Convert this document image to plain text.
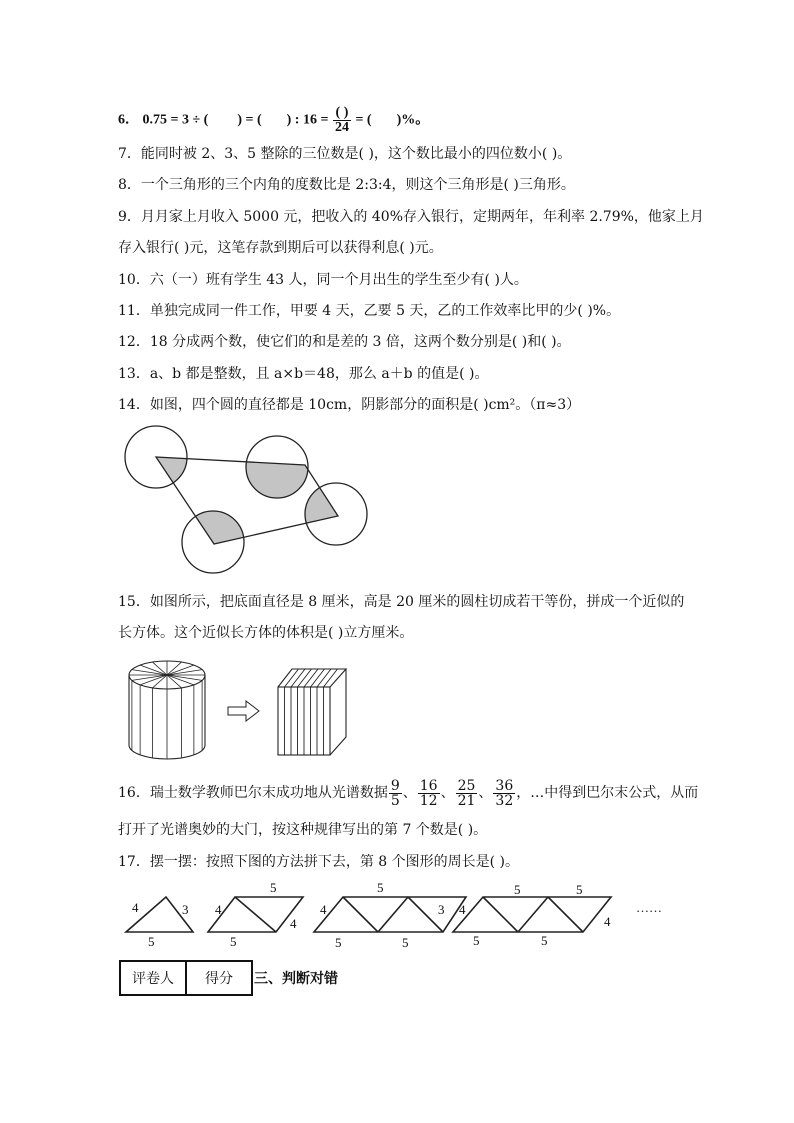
6． 0.75 = 3 ÷ ( ) = ( ) : $16 = \frac{( )}{24}$ = ( )%。
7．能同时被 2、3、5 整除的三位数是( )，这个数比最小的四位数小( )。
8．一个三角形的三个内角的度数比是 2:3:4，则这个三角形是( )三角形。
9．月月家上月收入 5000 元，把收入的 40%存入银行，定期两年，年利率 2.79%，他家上月
存入银行( )元，这笔存款到期后可以获得利息( )元。
10．六（一）班有学生 43 人，同一个月出生的学生至少有( )人。
11．单独完成同一件工作，甲要 4 天，乙要 5 天，乙的工作效率比甲的少( )%。
12．18 分成两个数，使它们的和是差的 3 倍，这两个数分别是( )和( )。
13．a、b 都是整数，且 a×b＝48，那么 a＋b 的值是( )。
14．如图，四个圆的直径都是 10cm，阴影部分的面积是( )cm²。（π≈3）
15．如图所示，把底面直径是 8 厘米，高是 20 厘米的圆柱切成若干等份，拼成一个近似的
长方体。这个近似长方体的体积是( )立方厘米。
16．瑞士数学教师巴尔末成功地从光谱数据 $\frac{9}{5}$ 、 $\frac{16}{12}$ 、 $\frac{25}{21}$ 、 $\frac{36}{32}$ ，…中得到巴尔末公式，从而
打开了光谱奥妙的大门，按这种规律写出的第 7 个数是( )。
17．摆一摆：按照下图的方法拼下去，第 8 个图形的周长是( )。
4	3
5
4
5
4
5
4
5
3
5	5
4
5	5
4
5	5
……
评卷人	得分 三、判断对错
